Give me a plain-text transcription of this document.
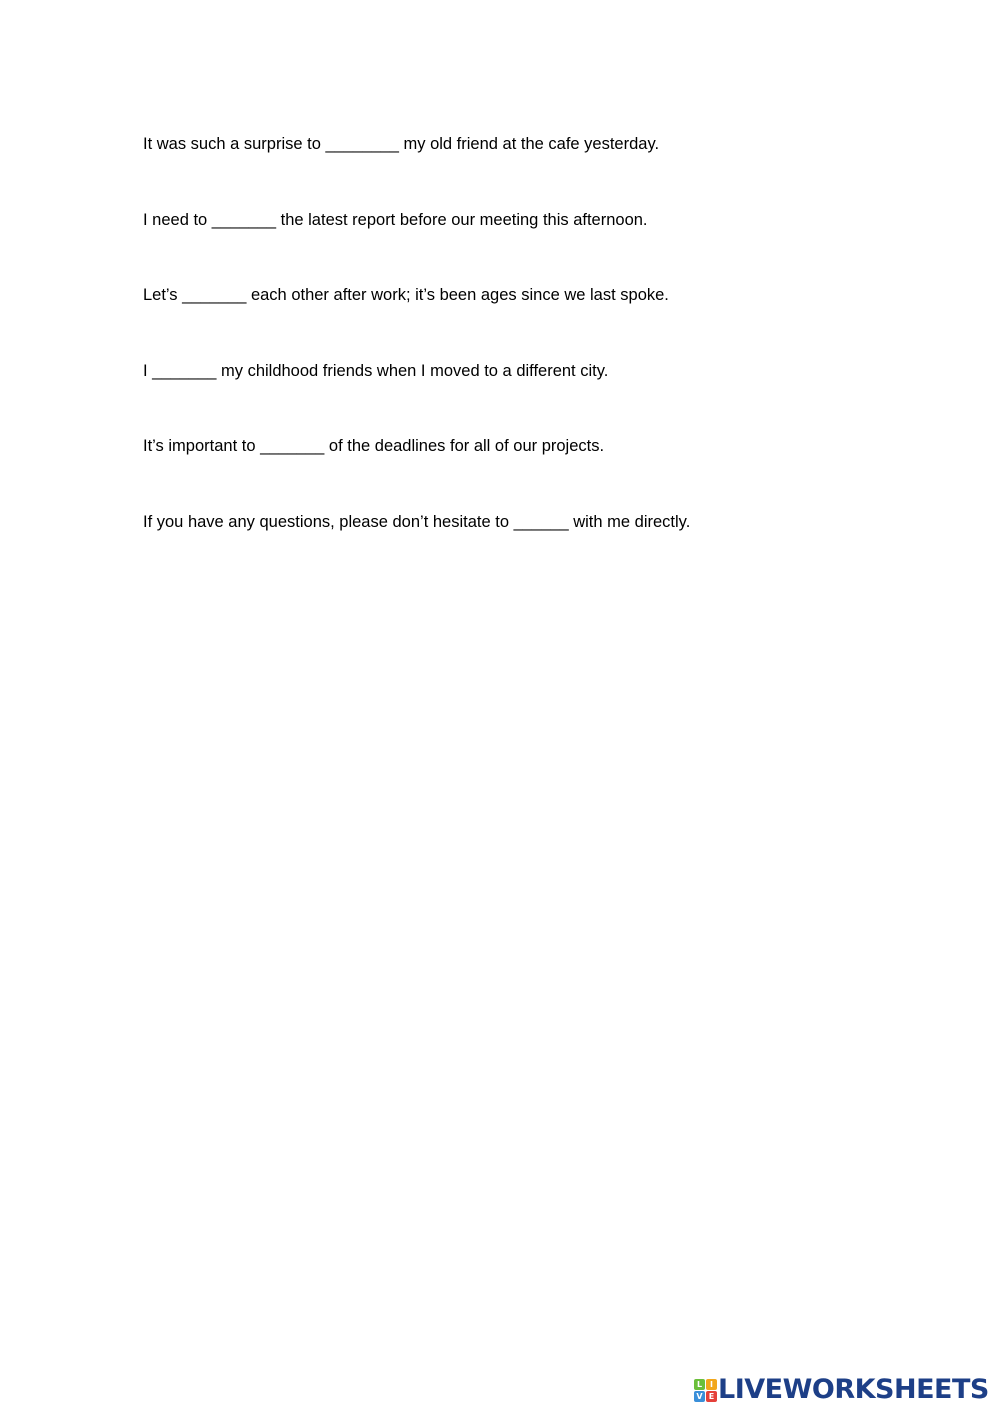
It was such a surprise to ________ my old friend at the cafe yesterday.

I need to _______ the latest report before our meeting this afternoon.

Let’s _______ each other after work; it’s been ages since we last spoke.

I _______ my childhood friends when I moved to a different city.

It’s important to _______ of the deadlines for all of our projects.

If you have any questions, please don’t hesitate to ______ with me directly.

L I
V E LIVEWORKSHEETS
